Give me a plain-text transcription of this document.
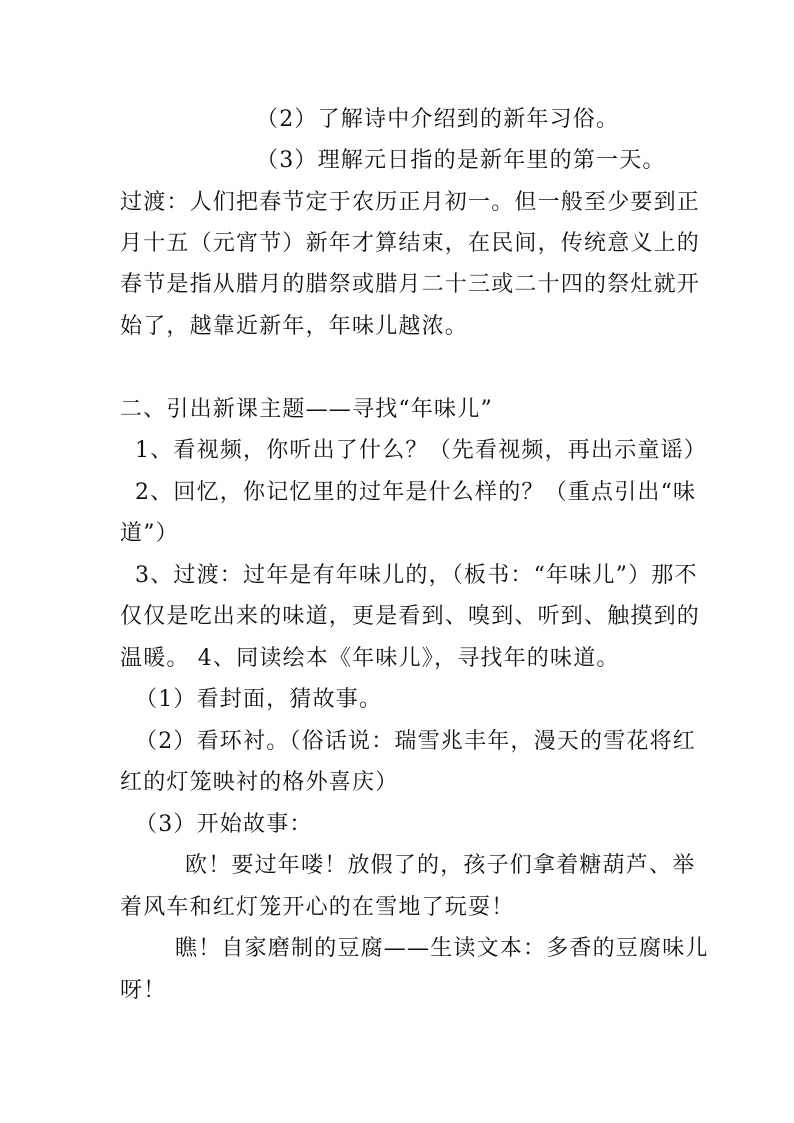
（2）了解诗中介绍到的新年习俗。
（3）理解元日指的是新年里的第一天。
过渡：人们把春节定于农历正月初一。但一般至少要到正
月十五（元宵节）新年才算结束，在民间，传统意义上的
春节是指从腊月的腊祭或腊月二十三或二十四的祭灶就开
始了，越靠近新年，年味儿越浓。
二、引出新课主题——寻找“年味儿”
1、看视频，你听出了什么？（先看视频，再出示童谣）
2、回忆，你记忆里的过年是什么样的？（重点引出“味
道”）
3、过渡：过年是有年味儿的，（板书：“年味儿”）那不
仅仅是吃出来的味道，更是看到、嗅到、听到、触摸到的
温暖。 4、同读绘本《年味儿》，寻找年的味道。
（1）看封面，猜故事。
（2）看环衬。（俗话说：瑞雪兆丰年，漫天的雪花将红
红的灯笼映衬的格外喜庆）
（3）开始故事：
欧！要过年喽！放假了的，孩子们拿着糖葫芦、举
着风车和红灯笼开心的在雪地了玩耍！
瞧！自家磨制的豆腐——生读文本：多香的豆腐味儿
呀！
